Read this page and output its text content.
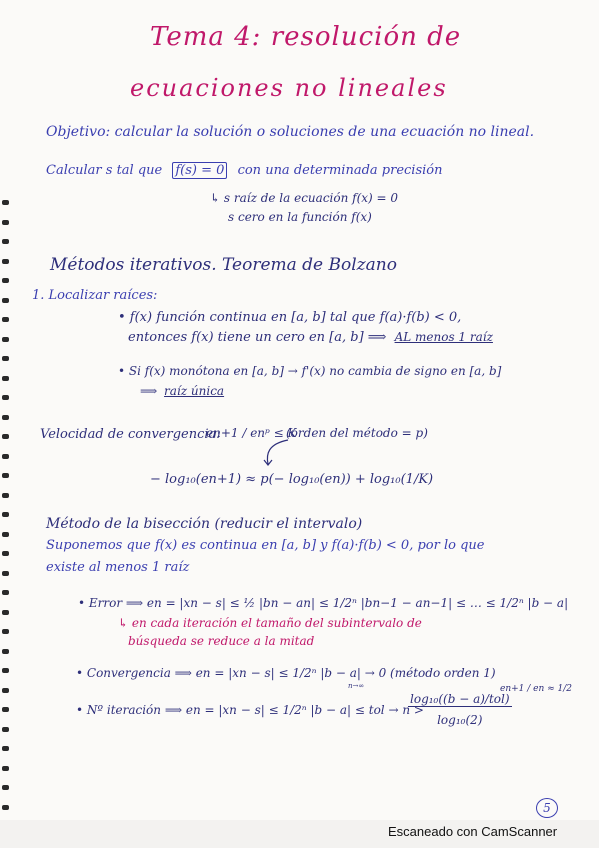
Tema 4: resolución de
ecuaciones no lineales
Objetivo: calcular la solución o soluciones de una ecuación no lineal.
Calcular s tal que f(s) = 0 con una determinada precisión
↳ s raíz de la ecuación f(x) = 0
s cero en la función f(x)
Métodos iterativos. Teorema de Bolzano
1. Localizar raíces:
• f(x) función continua en [a, b] tal que f(a)·f(b) < 0,
entonces f(x) tiene un cero en [a, b] ⟹ AL menos 1 raíz
• Si f(x) monótona en [a, b] → f'(x) no cambia de signo en [a, b]
⟹ raíz única
Velocidad de convergencia:
en+1 / enᵖ ≤ K
(orden del método = p)
− log₁₀(en+1) ≈ p(− log₁₀(en)) + log₁₀(1/K)
Método de la bisección (reducir el intervalo)
Suponemos que f(x) es continua en [a, b] y f(a)·f(b) < 0, por lo que
existe al menos 1 raíz
• Error ⟹ en = |xn − s| ≤ ½ |bn − an| ≤ 1/2ⁿ |bn−1 − an−1| ≤ … ≤ 1/2ⁿ |b − a|
↳ en cada iteración el tamaño del subintervalo de
búsqueda se reduce a la mitad
• Convergencia ⟹ en = |xn − s| ≤ 1/2ⁿ |b − a| → 0 (método orden 1)
n→∞
• Nº iteración ⟹ en = |xn − s| ≤ 1/2ⁿ |b − a| ≤ tol → n >
log₁₀((b − a)/tol)
log₁₀(2)
en+1 / en ≈ 1/2
5
Escaneado con CamScanner
